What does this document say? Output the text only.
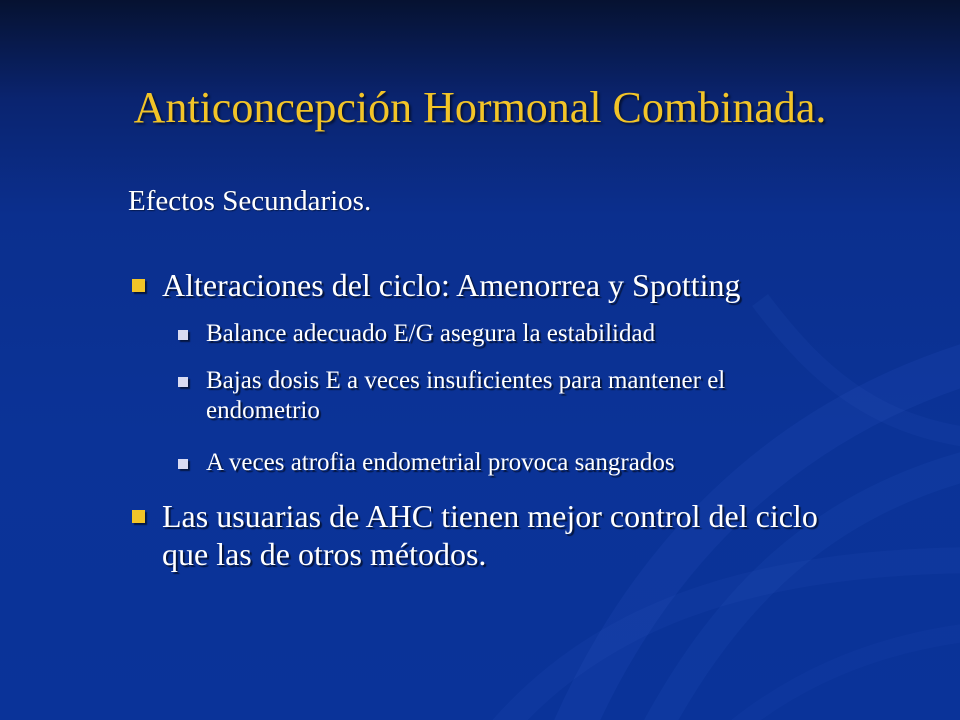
Anticoncepción Hormonal Combinada.
Efectos Secundarios.
Alteraciones del ciclo: Amenorrea y Spotting
Balance adecuado E/G asegura la estabilidad
Bajas dosis E a veces insuficientes para mantener el endometrio
A veces atrofia endometrial provoca sangrados
Las usuarias de AHC tienen mejor control del ciclo que las de otros métodos.
